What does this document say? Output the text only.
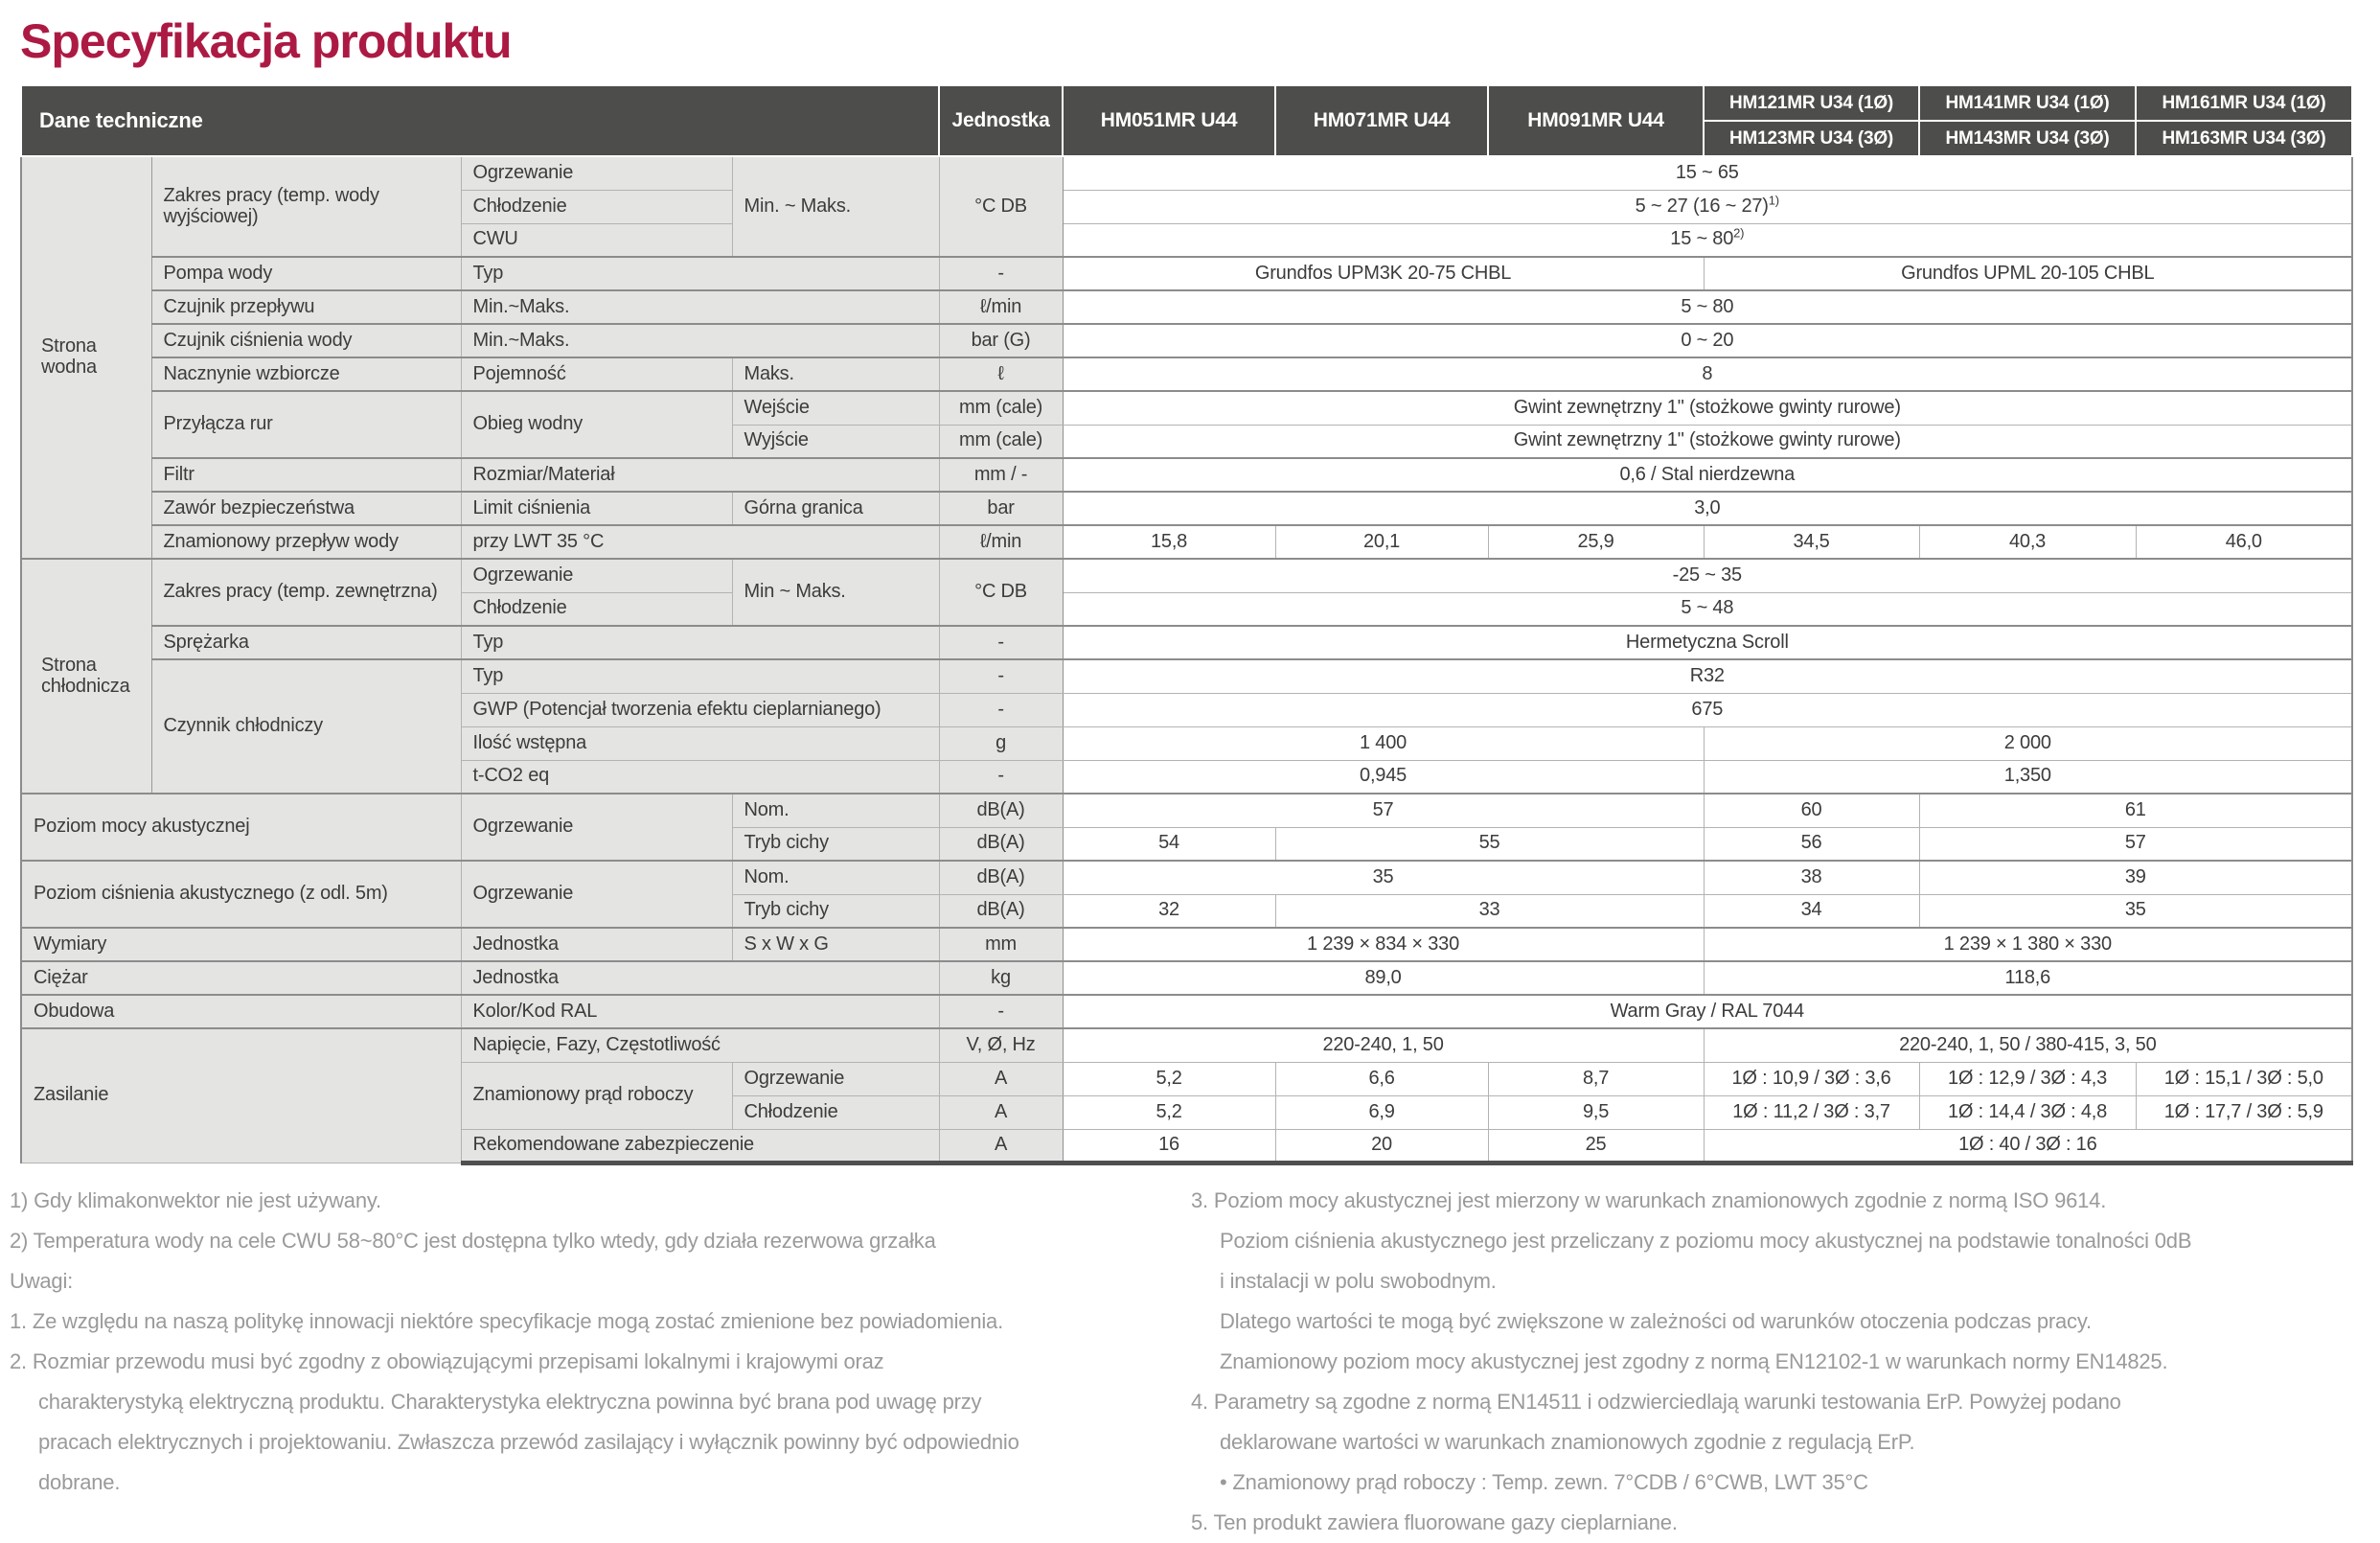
Specyfikacja produktu
Dane techniczne				Jednostka	HM051MR U44	HM071MR U44	HM091MR U44	HM121MR U34 (1Ø)	HM141MR U34 (1Ø)	HM161MR U34 (1Ø)
								HM123MR U34 (3Ø)	HM143MR U34 (3Ø)	HM163MR U34 (3Ø)
Strona wodna	Zakres pracy (temp. wody wyjściowej)	Ogrzewanie	Min. ~ Maks.	°C DB	15 ~ 65					
		Chłodzenie			5 ~ 27 (16 ~ 27)$^{1)}$
		CWU			15 ~ 80$^{2)}$
	Pompa wody	Typ		-	Grundfos UPM3K 20-75 CHBL			Grundfos UPML 20-105 CHBL		
	Czujnik przepływu	Min.~Maks.		ℓ/min	5 ~ 80					
	Czujnik ciśnienia wody	Min.~Maks.		bar (G)	0 ~ 20					
	Nacznynie wzbiorcze	Pojemność	Maks.	ℓ	8					
	Przyłącza rur	Obieg wodny	Wejście	mm (cale)	Gwint zewnętrzny 1" (stożkowe gwinty rurowe)					
			Wyjście	mm (cale)	Gwint zewnętrzny 1" (stożkowe gwinty rurowe)					
	Filtr	Rozmiar/Materiał		mm / -	0,6 / Stal nierdzewna					
	Zawór bezpieczeństwa	Limit ciśnienia	Górna granica	bar	3,0					
	Znamionowy przepływ wody	przy LWT 35 °C		ℓ/min	15,8	20,1	25,9	34,5	40,3	46,0
Strona chłodnicza	Zakres pracy (temp. zewnętrzna)	Ogrzewanie	Min ~ Maks.	°C DB	-25 ~ 35					
		Chłodzenie			5 ~ 48					
	Sprężarka	Typ		-	Hermetyczna Scroll					
	Czynnik chłodniczy	Typ		-	R32					
		GWP (Potencjał tworzenia efektu cieplarnianego)		-	675					
		Ilość wstępna		g	1 400			2 000		
		t-CO2 eq		-	0,945			1,350		
Poziom mocy akustycznej		Ogrzewanie	Nom.	dB(A)	57			60	61	
			Tryb cichy	dB(A)	54	55		56	57	
Poziom ciśnienia akustycznego (z odl. 5m)		Ogrzewanie	Nom.	dB(A)	35			38	39	
			Tryb cichy	dB(A)	32	33		34	35	
Wymiary		Jednostka	S x W x G	mm	1 239 × 834 × 330			1 239 × 1 380 × 330		
Ciężar		Jednostka		kg	89,0			118,6		
Obudowa		Kolor/Kod RAL		-	Warm Gray / RAL 7044					
Zasilanie		Napięcie, Fazy, Częstotliwość		V, Ø, Hz	220-240, 1, 50			220-240, 1, 50 / 380-415, 3, 50		
		Znamionowy prąd roboczy	Ogrzewanie	A	5,2	6,6	8,7	1Ø : 10,9 / 3Ø : 3,6	1Ø : 12,9 / 3Ø : 4,3	1Ø : 15,1 / 3Ø : 5,0
			Chłodzenie	A	5,2	6,9	9,5	1Ø : 11,2 / 3Ø : 3,7	1Ø : 14,4 / 3Ø : 4,8	1Ø : 17,7 / 3Ø : 5,9
		Rekomendowane zabezpieczenie		A	16	20	25	1Ø : 40 / 3Ø : 16		

1) Gdy klimakonwektor nie jest używany.

2) Temperatura wody na cele CWU 58~80°C jest dostępna tylko wtedy, gdy działa rezerwowa grzałka

Uwagi:

1. Ze względu na naszą politykę innowacji niektóre specyfikacje mogą zostać zmienione bez powiadomienia.

2. Rozmiar przewodu musi być zgodny z obowiązującymi przepisami lokalnymi i krajowymi oraz

charakterystyką elektryczną produktu. Charakterystyka elektryczna powinna być brana pod uwagę przy

pracach elektrycznych i projektowaniu. Zwłaszcza przewód zasilający i wyłącznik powinny być odpowiednio

dobrane.

3. Poziom mocy akustycznej jest mierzony w warunkach znamionowych zgodnie z normą ISO 9614.

Poziom ciśnienia akustycznego jest przeliczany z poziomu mocy akustycznej na podstawie tonalności 0dB

i instalacji w polu swobodnym.

Dlatego wartości te mogą być zwiększone w zależności od warunków otoczenia podczas pracy.

Znamionowy poziom mocy akustycznej jest zgodny z normą EN12102-1 w warunkach normy EN14825.

4. Parametry są zgodne z normą EN14511 i odzwierciedlają warunki testowania ErP. Powyżej podano

deklarowane wartości w warunkach znamionowych zgodnie z regulacją ErP.

• Znamionowy prąd roboczy : Temp. zewn. 7°CDB / 6°CWB, LWT 35°C

5. Ten produkt zawiera fluorowane gazy cieplarniane.
